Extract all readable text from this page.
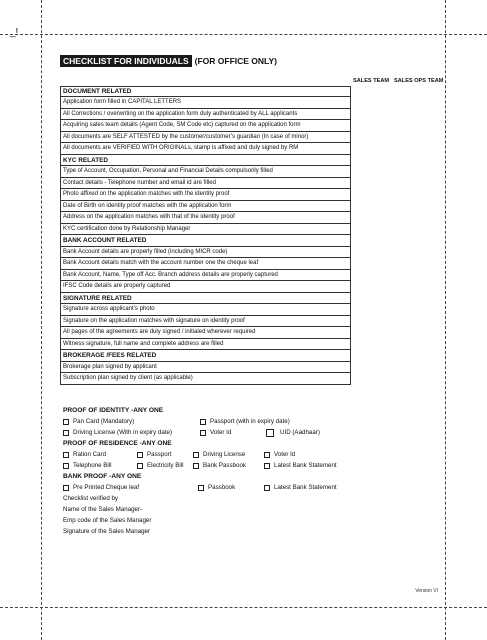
_!
CHECKLIST FOR INDIVIDUALS (FOR OFFICE ONLY)
SALES TEAM SALES OPS TEAM
DOCUMENT RELATED
Application form filled in CAPITAL LETTERS
All Corrections / overwriting on the application form duly authenticated by ALL applicants
Acquiring sales team details (Agent Code, SM Code etc) captured on the application form
All documents are SELF ATTESTED by the customer/customer’s guardian (In case of minor)
All documents are VERIFIED WITH ORIGINALs, stamp is affixed and duly signed by RM
KYC RELATED
Type of Account, Occupation, Personal and Financial Details compulsorily filled
Contact details - Telephone number and email id are filled
Photo affixed on the application matches with the identity proof
Date of Birth on identity proof matches with the application form
Address on the application matches with that of the identity proof
KYC certification done by Relationship Manager
BANK ACCOUNT RELATED
Bank Account details are properly filled (including MICR code)
Bank Account details match with the account number one the cheque leaf
Bank Account, Name, Type off Acc. Branch address details are properly captured
IFSC Code details are properly captured
SIGNATURE RELATED
Signature across applicant’s photo
Signature on the application matches with signature on identity proof
All pages of the agreements are duly signed / initialed wherever required
Witness signature, full name and complete address are filled
BROKERAGE /FEES RELATED
Brokerage plan signed by applicant
Subscription plan signed by client (as applicable)
PROOF OF IDENTITY -ANY ONE
Pan Card (Mandatory)	Passport (with in expiry date)
Driving License (With in expiry date)	Voter Id	UID (Aadhaar)
PROOF OF RESIDENCE -ANY ONE
Ration Card	Passport	Driving License	Voter Id
Telephone Bill	Electricity Bill	Bank Passbook	Latest Bank Statement
BANK PROOF -ANY ONE
Pre Printed Cheque leaf	Passbook	Latest Bank Statement
Checklist verified by
Name of the Sales Manager-
Emp code of the Sales Manager
Signature of the Sales Manager
Version VI
